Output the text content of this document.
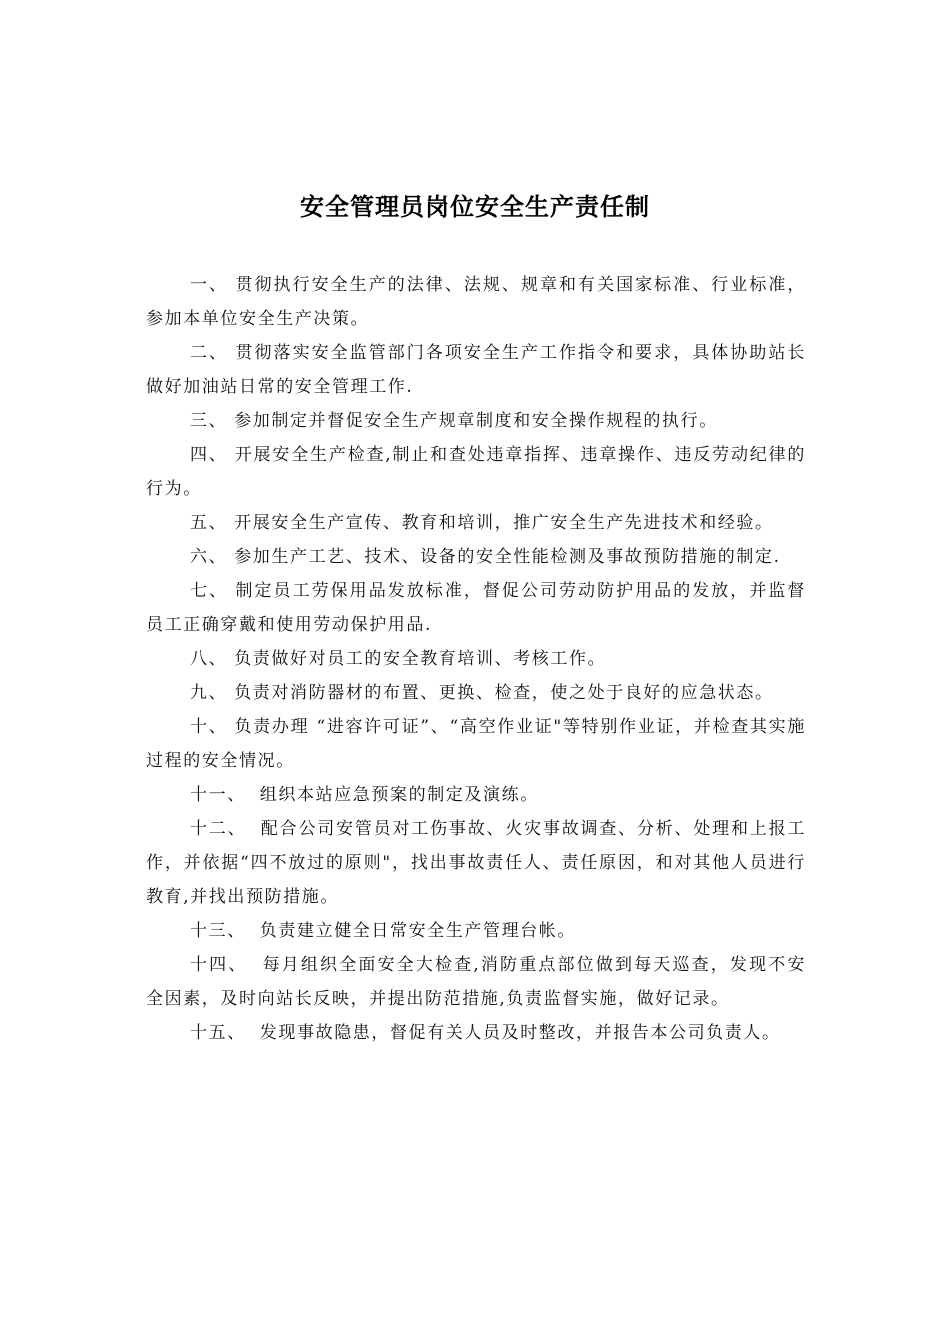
安全管理员岗位安全生产责任制

一、 贯彻执行安全生产的法律、法规、规章和有关国家标准、行业标准，参加本单位安全生产决策。

二、 贯彻落实安全监管部门各项安全生产工作指令和要求，具体协助站长做好加油站日常的安全管理工作.

三、 参加制定并督促安全生产规章制度和安全操作规程的执行。

四、 开展安全生产检查,制止和查处违章指挥、违章操作、违反劳动纪律的行为。

五、 开展安全生产宣传、教育和培训，推广安全生产先进技术和经验。

六、 参加生产工艺、技术、设备的安全性能检测及事故预防措施的制定.

七、 制定员工劳保用品发放标准，督促公司劳动防护用品的发放，并监督员工正确穿戴和使用劳动保护用品.

八、 负责做好对员工的安全教育培训、考核工作。

九、 负责对消防器材的布置、更换、检查，使之处于良好的应急状态。

十、 负责办理 “进容许可证”、“高空作业证"等特别作业证，并检查其实施过程的安全情况。

十一、  组织本站应急预案的制定及演练。

十二、  配合公司安管员对工伤事故、火灾事故调查、分析、处理和上报工作，并依据“四不放过的原则"，找出事故责任人、责任原因，和对其他人员进行教育,并找出预防措施。

十三、  负责建立健全日常安全生产管理台帐。

十四、  每月组织全面安全大检查,消防重点部位做到每天巡查，发现不安全因素，及时向站长反映，并提出防范措施,负责监督实施，做好记录。

十五、  发现事故隐患，督促有关人员及时整改，并报告本公司负责人。
